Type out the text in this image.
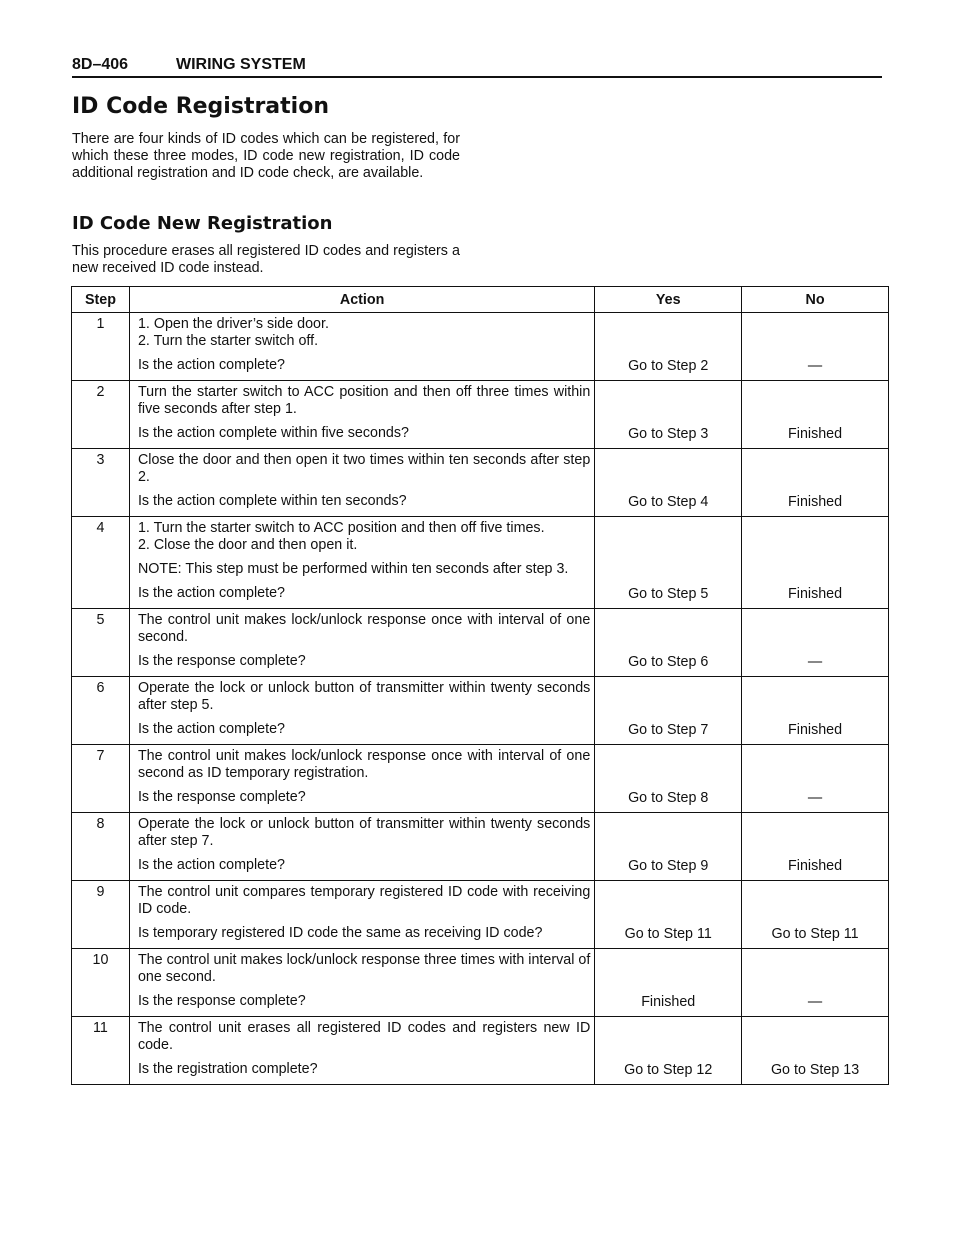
8D–406	WIRING SYSTEM
ID Code Registration

There are four kinds of ID codes which can be registered, for which these three modes, ID code new registration, ID code additional registration and ID code check, are available.

ID Code New Registration

This procedure erases all registered ID codes and registers a new received ID code instead.

Step	Action	Yes	No
1	1. Open the driver’s side door.
2. Turn the starter switch off.
Is the action complete?	Go to Step 2	—
2	Turn the starter switch to ACC position and then off three times within five seconds after step 1.
Is the action complete within five seconds?	Go to Step 3	Finished
3	Close the door and then open it two times within ten seconds after step 2.
Is the action complete within ten seconds?	Go to Step 4	Finished
4	1. Turn the starter switch to ACC position and then off five times.
2. Close the door and then open it.
NOTE: This step must be performed within ten seconds after step 3.
Is the action complete?	Go to Step 5	Finished
5	The control unit makes lock/unlock response once with interval of one second.
Is the response complete?	Go to Step 6	—
6	Operate the lock or unlock button of transmitter within twenty seconds after step 5.
Is the action complete?	Go to Step 7	Finished
7	The control unit makes lock/unlock response once with interval of one second as ID temporary registration.
Is the response complete?	Go to Step 8	—
8	Operate the lock or unlock button of transmitter within twenty seconds after step 7.
Is the action complete?	Go to Step 9	Finished
9	The control unit compares temporary registered ID code with receiving ID code.
Is temporary registered ID code the same as receiving ID code?	Go to Step 11	Go to Step 11
10	The control unit makes lock/unlock response three times with interval of one second.
Is the response complete?	Finished	—
11	The control unit erases all registered ID codes and registers new ID code.
Is the registration complete?	Go to Step 12	Go to Step 13
